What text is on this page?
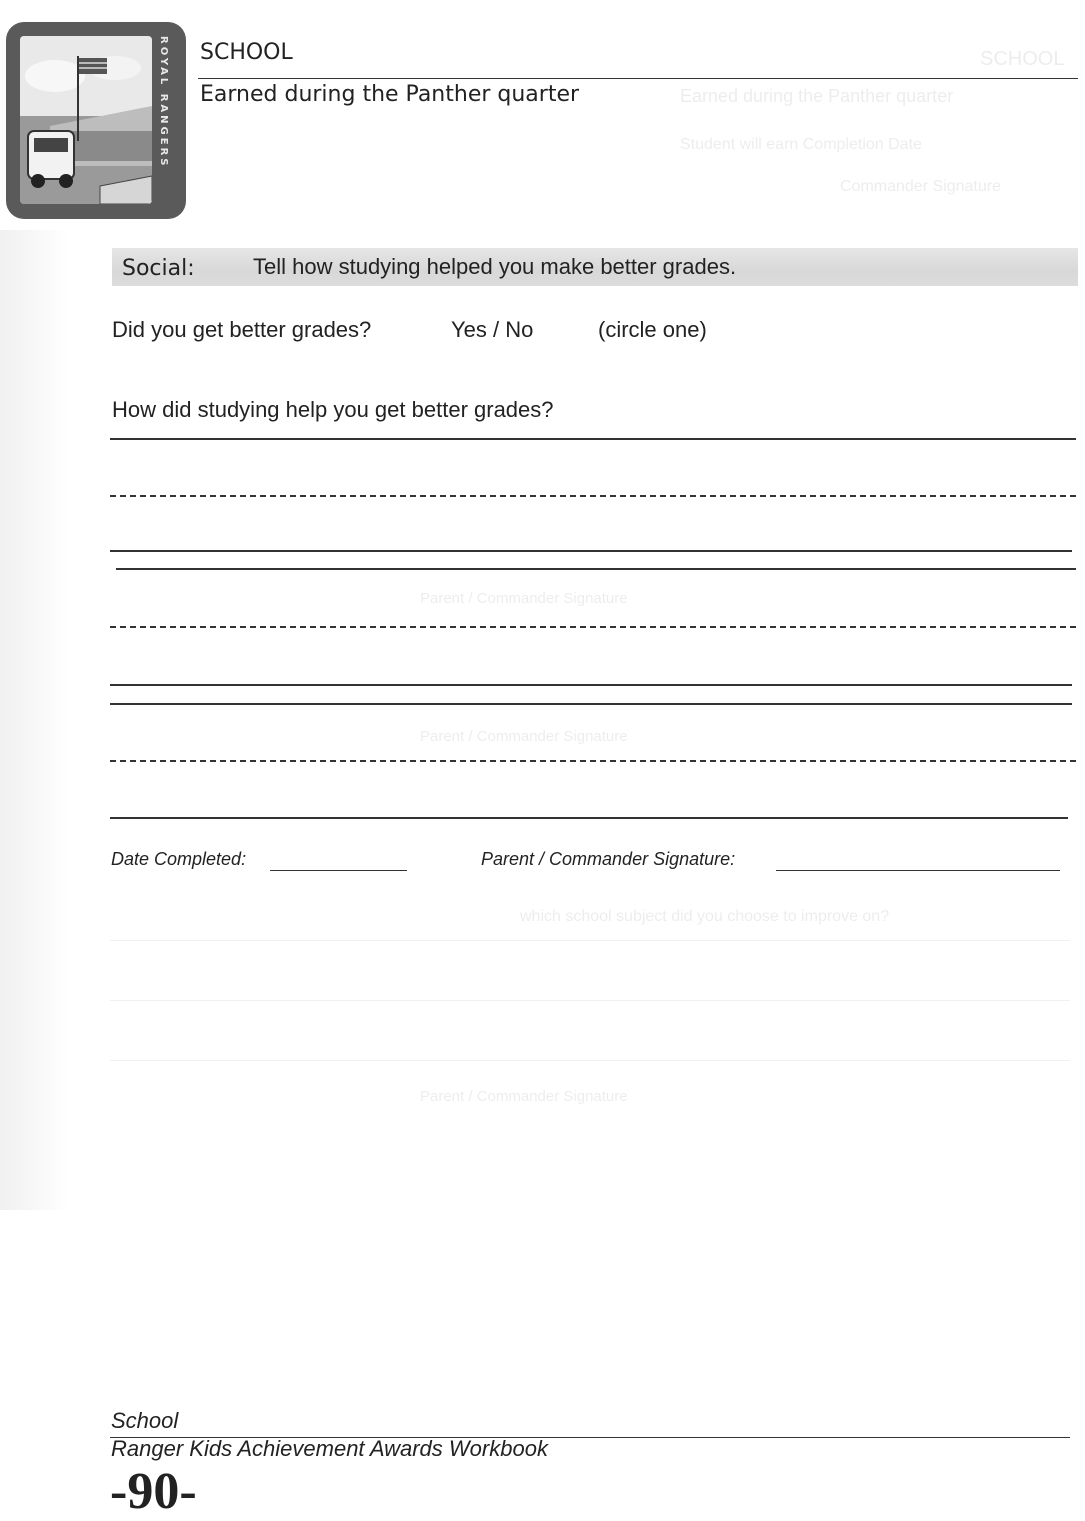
SCHOOL
Earned during the Panther quarter
Student will earn Completion Date
Commander Signature
Parent / Commander Signature
Parent / Commander Signature
which school subject did you choose to improve on?
Parent / Commander Signature
ROYAL RANGERS SCHOOL
Earned during the Panther quarter
Social:	Tell how studying helped you make better grades.
Did you get better grades?	Yes / No	(circle one)
How did studying help you get better grades?
Date Completed:	Parent / Commander Signature:
School
Ranger Kids Achievement Awards Workbook
-90-
